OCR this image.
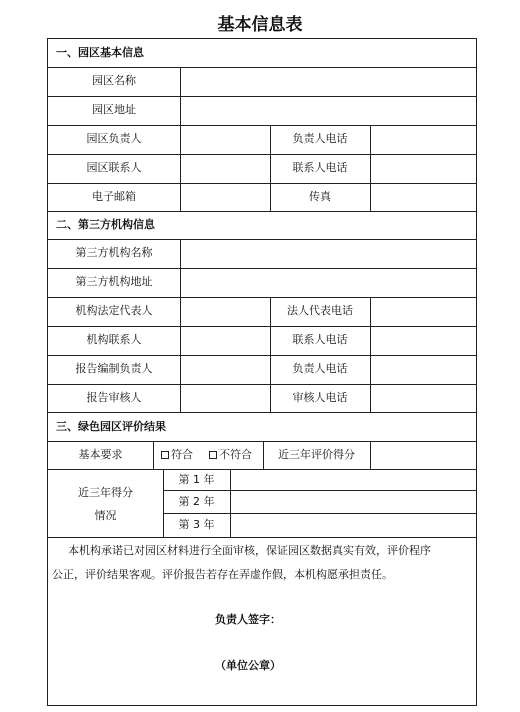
基本信息表
一、园区基本信息
园区名称
园区地址
园区负责人	负责人电话
园区联系人	联系人电话
电子邮箱	传真
二、第三方机构信息
第三方机构名称
第三方机构地址
机构法定代表人	法人代表电话
机构联系人	联系人电话
报告编制负责人	负责人电话
报告审核人	审核人电话
三、绿色园区评价结果
基本要求	符合	不符合 近三年评价得分
近三年得分
情况
第 1 年
第 2 年
第 3 年
本机构承诺已对园区材料进行全面审核，保证园区数据真实有效，评价程序
公正，评价结果客观。评价报告若存在弄虚作假，本机构愿承担责任。
负责人签字：
（单位公章）
